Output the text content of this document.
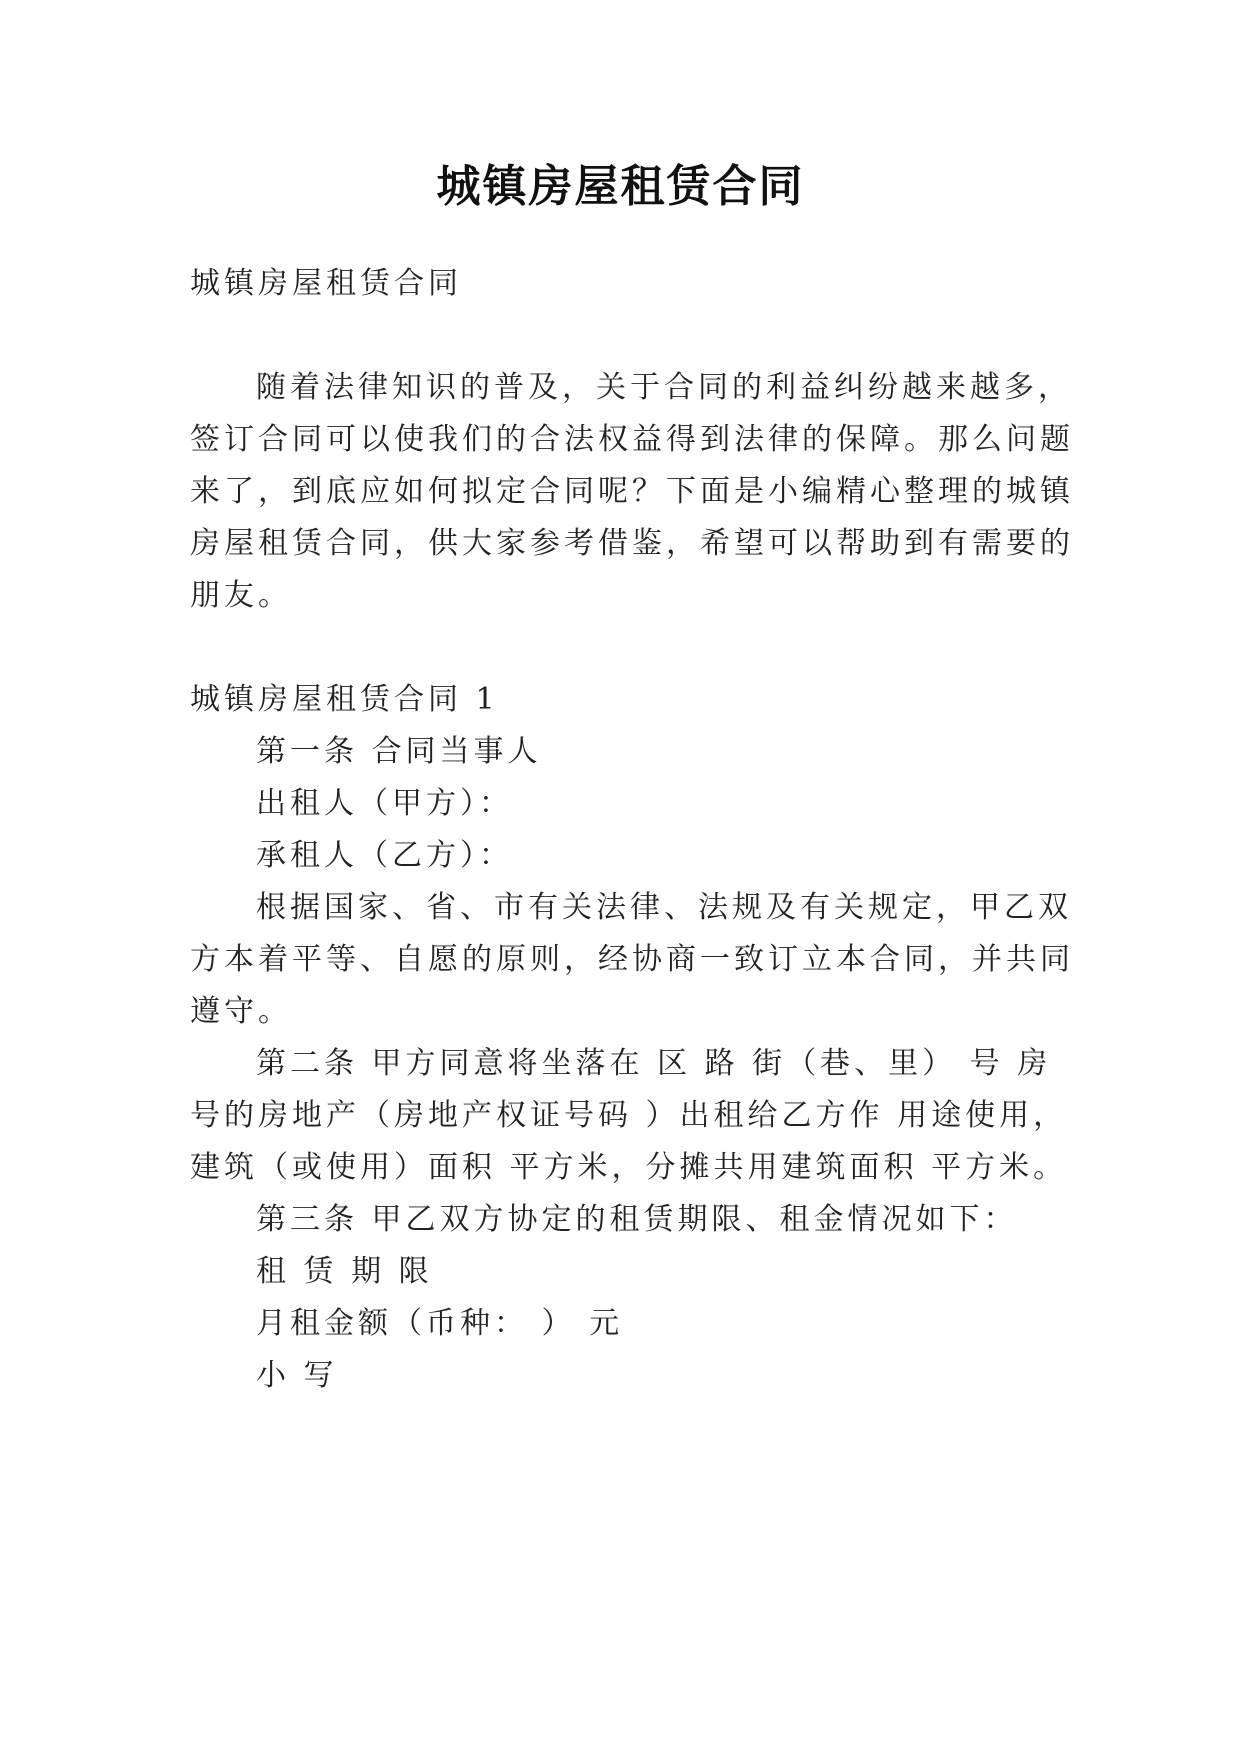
城镇房屋租赁合同
城镇房屋租赁合同
随着法律知识的普及，关于合同的利益纠纷越来越多，
签订合同可以使我们的合法权益得到法律的保障。那么问题
来了，到底应如何拟定合同呢？下面是小编精心整理的城镇
房屋租赁合同，供大家参考借鉴，希望可以帮助到有需要的
朋友。
城镇房屋租赁合同 1
第一条 合同当事人
出租人（甲方）：
承租人（乙方）：
根据国家、省、市有关法律、法规及有关规定，甲乙双
方本着平等、自愿的原则，经协商一致订立本合同，并共同
遵守。
第二条 甲方同意将坐落在 区 路 街（巷、里） 号 房
号的房地产（房地产权证号码 ）出租给乙方作 用途使用，
建筑（或使用）面积 平方米，分摊共用建筑面积 平方米。
第三条 甲乙双方协定的租赁期限、租金情况如下：
租 赁 期 限
月租金额（币种： ） 元
小 写
